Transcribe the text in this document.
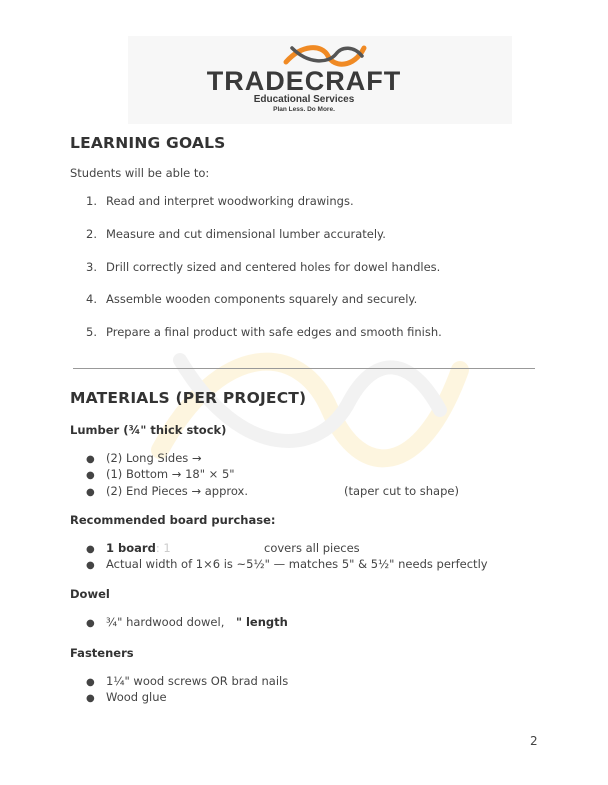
TRADECRAFT
Educational Services
Plan Less. Do More.
LEARNING GOALS
Students will be able to:
1. Read and interpret woodworking drawings.
2. Measure and cut dimensional lumber accurately.
3. Drill correctly sized and centered holes for dowel handles.
4. Assemble wooden components squarely and securely.
5. Prepare a final product with safe edges and smooth finish.
MATERIALS (PER PROJECT)
Lumber (¾" thick stock)
● (2) Long Sides →
● (1) Bottom → 18" × 5"
● (2) End Pieces → approx.	(taper cut to shape)
Recommended board purchase:
● 1 board: 1	covers all pieces
● Actual width of 1×6 is ~5½" — matches 5" & 5½" needs perfectly
Dowel
● ¾" hardwood dowel, " length
Fasteners
● 1¼" wood screws OR brad nails
● Wood glue
2
